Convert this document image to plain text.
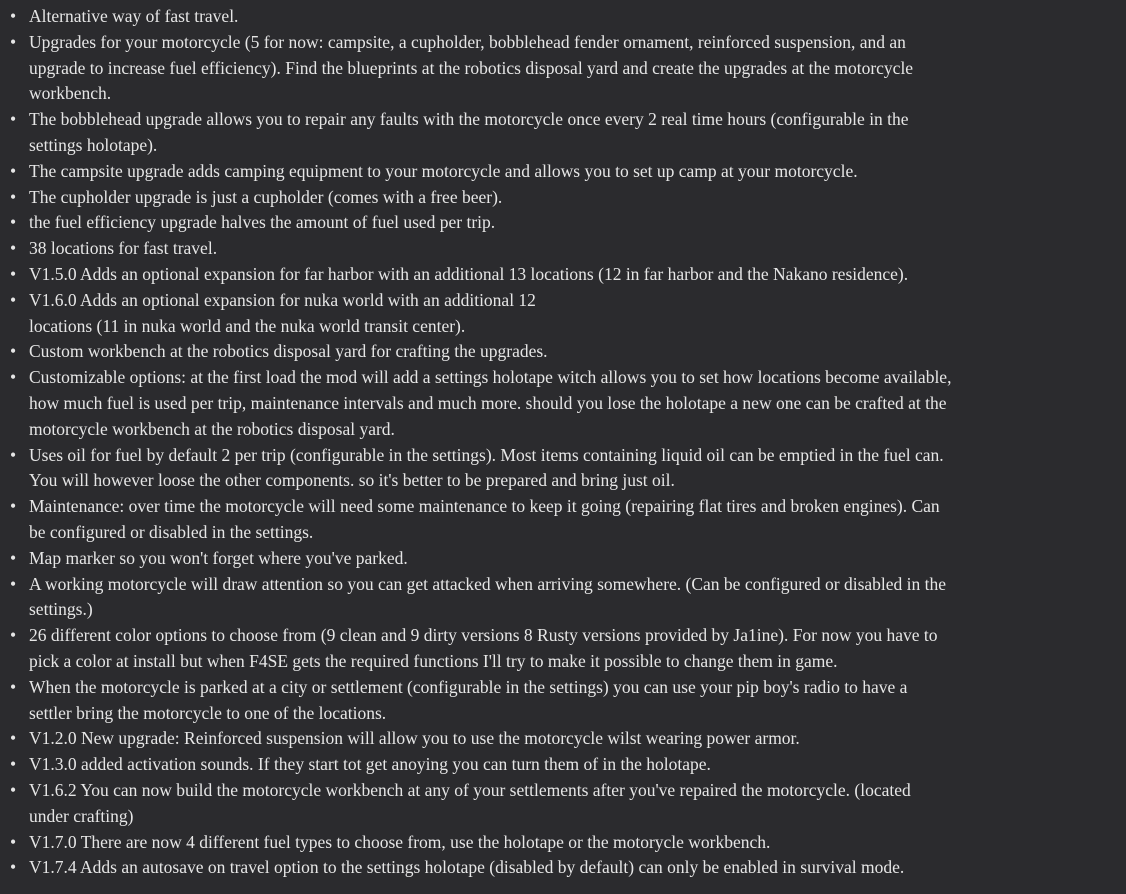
• Alternative way of fast travel.
• Upgrades for your motorcycle (5 for now: campsite, a cupholder, bobblehead fender ornament, reinforced suspension, and an
upgrade to increase fuel efficiency). Find the blueprints at the robotics disposal yard and create the upgrades at the motorcycle
workbench.
• The bobblehead upgrade allows you to repair any faults with the motorcycle once every 2 real time hours (configurable in the
settings holotape).
• The campsite upgrade adds camping equipment to your motorcycle and allows you to set up camp at your motorcycle.
• The cupholder upgrade is just a cupholder (comes with a free beer).
• the fuel efficiency upgrade halves the amount of fuel used per trip.
• 38 locations for fast travel.
• V1.5.0 Adds an optional expansion for far harbor with an additional 13 locations (12 in far harbor and the Nakano residence).
• V1.6.0 Adds an optional expansion for nuka world with an additional 12
locations (11 in nuka world and the nuka world transit center).
• Custom workbench at the robotics disposal yard for crafting the upgrades.
• Customizable options: at the first load the mod will add a settings holotape witch allows you to set how locations become available,
how much fuel is used per trip, maintenance intervals and much more. should you lose the holotape a new one can be crafted at the
motorcycle workbench at the robotics disposal yard.
• Uses oil for fuel by default 2 per trip (configurable in the settings). Most items containing liquid oil can be emptied in the fuel can.
You will however loose the other components. so it's better to be prepared and bring just oil.
• Maintenance: over time the motorcycle will need some maintenance to keep it going (repairing flat tires and broken engines). Can
be configured or disabled in the settings.
• Map marker so you won't forget where you've parked.
• A working motorcycle will draw attention so you can get attacked when arriving somewhere. (Can be configured or disabled in the
settings.)
• 26 different color options to choose from (9 clean and 9 dirty versions 8 Rusty versions provided by Ja1ine). For now you have to
pick a color at install but when F4SE gets the required functions I'll try to make it possible to change them in game.
• When the motorcycle is parked at a city or settlement (configurable in the settings) you can use your pip boy's radio to have a
settler bring the motorcycle to one of the locations.
• V1.2.0 New upgrade: Reinforced suspension will allow you to use the motorcycle wilst wearing power armor.
• V1.3.0 added activation sounds. If they start tot get anoying you can turn them of in the holotape.
• V1.6.2 You can now build the motorcycle workbench at any of your settlements after you've repaired the motorcycle. (located
under crafting)
• V1.7.0 There are now 4 different fuel types to choose from, use the holotape or the motoryclе workbench.
• V1.7.4 Adds an autosave on travel option to the settings holotape (disabled by default) can only be enabled in survival mode.
